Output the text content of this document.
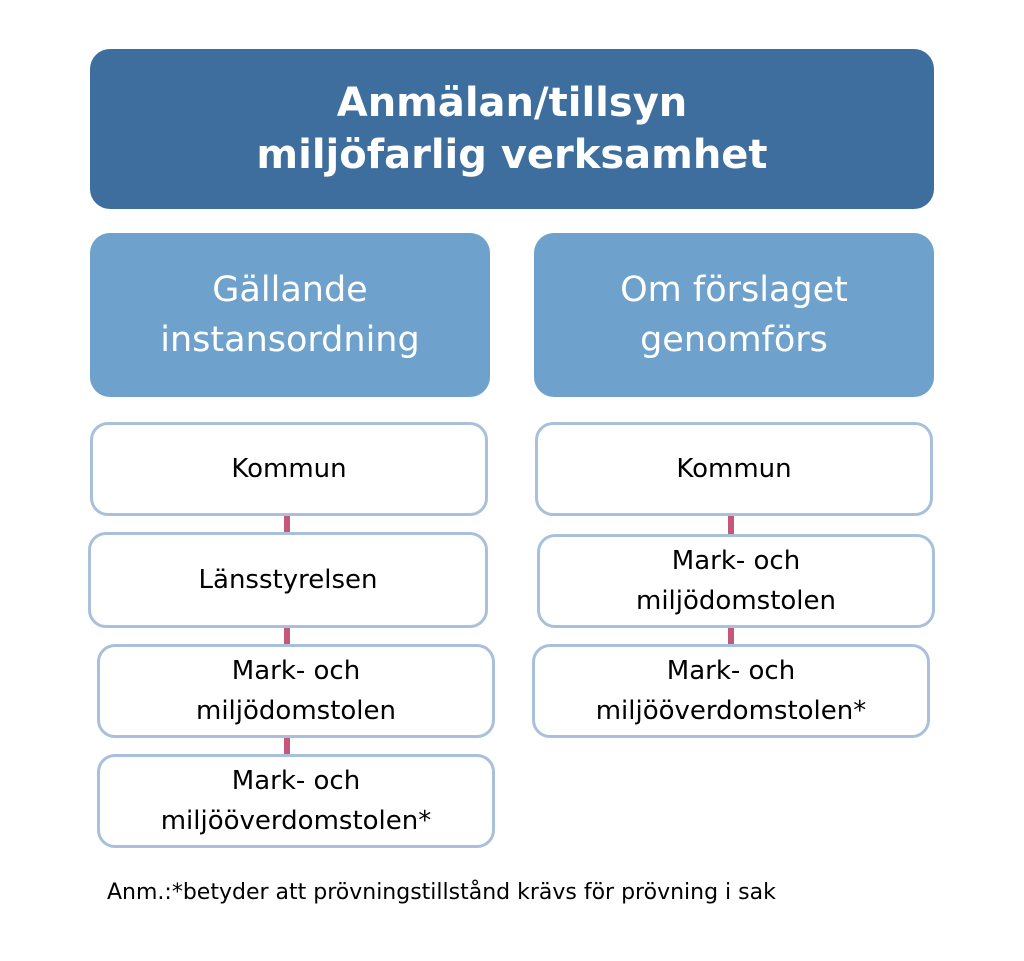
Anmälan/tillsyn
miljöfarlig verksamhet
Gällande
instansordning
Kommun
Länsstyrelsen
Mark- och
miljödomstolen
Mark- och
miljööverdomstolen*
Om förslaget
genomförs
Kommun
Mark- och
miljödomstolen
Mark- och
miljööverdomstolen*
Anm.:*betyder att prövningstillstånd krävs för prövning i sak
